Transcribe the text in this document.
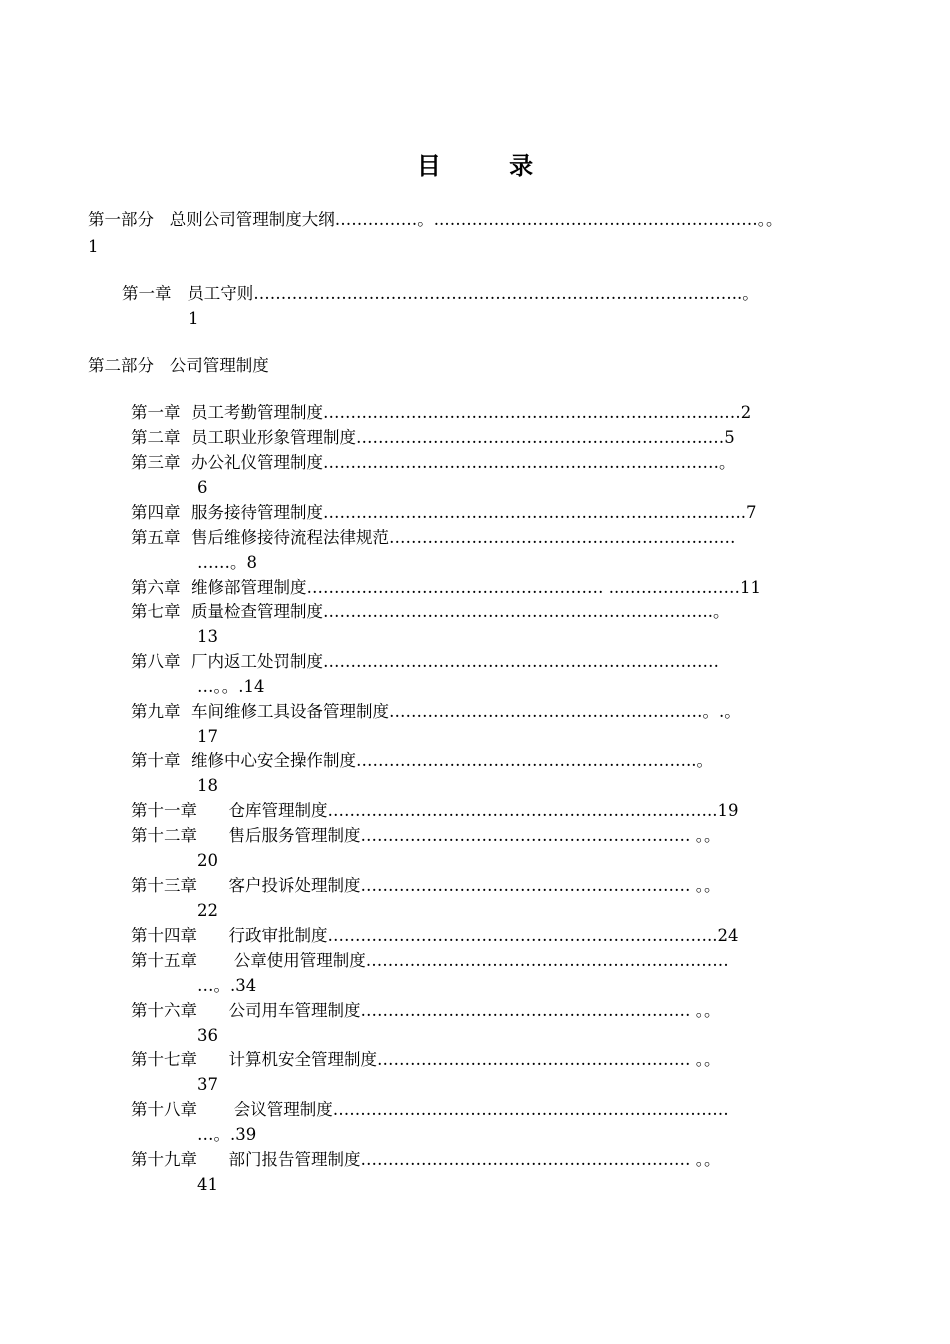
目 录
第一部分   总则公司管理制度大纲……………。..…………………………………………………。。
1
第一章   员工守则……………………………………………………………………………..。
1
第二部分   公司管理制度
第一章  员工考勤管理制度……………………………………………………………….…2
第二章  员工职业形象管理制度……………………………………………………….…5
第三章  办公礼仪管理制度………………………………………………………………。
6
第四章  服务接待管理制度…………………………………………………………………..7
第五章  售后维修接待流程法律规范………………………………………………………
……。8
第六章  维修部管理制度……………………………………………… ...…………………11
第七章  质量检查管理制度……………………………………………………………..。
13
第八章  厂内返工处罚制度………………………………………………………………
…。。.14
第九章  车间维修工具设备管理制度…………………………………………………。.。
17
第十章  维修中心安全操作制度……………………………………………………..。
18
第十一章      仓库管理制度……………………………………………………………..19
第十二章      售后服务管理制度…………………………………………………… 。。
20
第十三章      客户投诉处理制度…………………………………………………… 。。
22
第十四章      行政审批制度……………………………………………………………..24
第十五章       公章使用管理制度…………………………………………………………
…。.34
第十六章      公司用车管理制度…………………………………………………… 。。
36
第十七章      计算机安全管理制度………………………………………………… 。。
37
第十八章       会议管理制度………………………………………………………………
…。.39
第十九章      部门报告管理制度…………………………………………………… 。。
41
